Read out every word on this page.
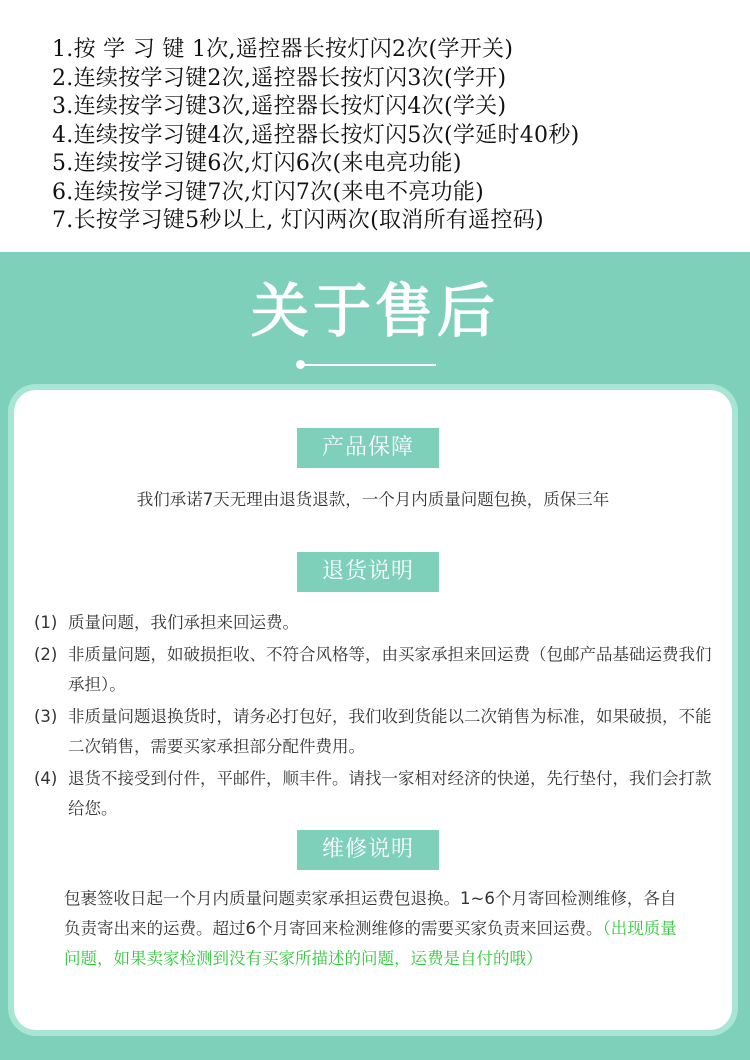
1.按 学 习 键 1次,遥控器长按灯闪2次(学开关)
2.连续按学习键2次,遥控器长按灯闪3次(学开)
3.连续按学习键3次,遥控器长按灯闪4次(学关)
4.连续按学习键4次,遥控器长按灯闪5次(学延时40秒)
5.连续按学习键6次,灯闪6次(来电亮功能)
6.连续按学习键7次,灯闪7次(来电不亮功能)
7.长按学习键5秒以上, 灯闪两次(取消所有遥控码)
关于售后
产品保障
我们承诺7天无理由退货退款，一个月内质量问题包换，质保三年
退货说明
(1) 质量问题，我们承担来回运费。
(2) 非质量问题，如破损拒收、不符合风格等，由买家承担来回运费（包邮产品基础运费我们承担）。
(3) 非质量问题退换货时，请务必打包好，我们收到货能以二次销售为标准，如果破损，不能二次销售，需要买家承担部分配件费用。
(4) 退货不接受到付件，平邮件，顺丰件。请找一家相对经济的快递，先行垫付，我们会打款给您。
维修说明
包裹签收日起一个月内质量问题卖家承担运费包退换。1~6个月寄回检测维修，各自负责寄出来的运费。超过6个月寄回来检测维修的需要买家负责来回运费。（出现质量问题，如果卖家检测到没有买家所描述的问题，运费是自付的哦）
